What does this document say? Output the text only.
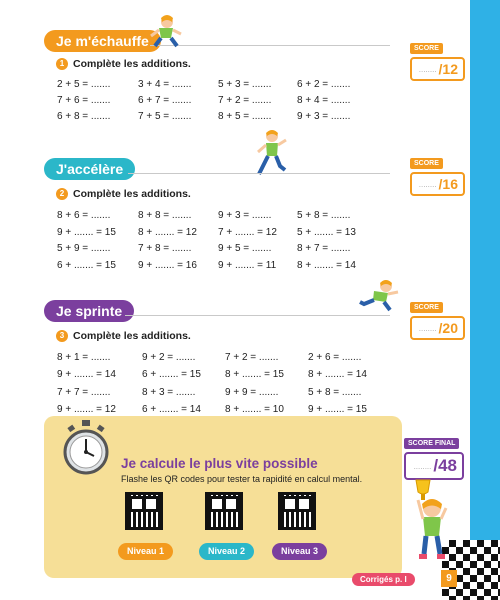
Je m'échauffe
1 Complète les additions.
2 + 5 = .......	3 + 4 = .......	5 + 3 = .......	6 + 2 = .......
7 + 6 = .......	6 + 7 = .......	7 + 2 = .......	8 + 4 = .......
6 + 8 = .......	7 + 5 = .......	8 + 5 = .......	9 + 3 = .......
SCORE
........ /12
J'accélère
2 Complète les additions.
8 + 6 = .......	8 + 8 = .......	9 + 3 = .......	5 + 8 = .......
9 + ....... = 15 8 + ....... = 12 7 + ....... = 12 5 + ....... = 13
5 + 9 = .......	7 + 8 = .......	9 + 5 = .......	8 + 7 = .......
6 + ....... = 15 9 + ....... = 16 9 + ....... = 11 8 + ....... = 14
SCORE
........ /16
Je sprinte
3 Complète les additions.
8 + 1 = .......	9 + 2 = .......	7 + 2 = .......	2 + 6 = .......
9 + ....... = 14	6 + ....... = 15 8 + ....... = 15 8 + ....... = 14
7 + 7 = .......	8 + 3 = .......	9 + 9 = .......	5 + 8 = .......
9 + ....... = 12	6 + ....... = 14 8 + ....... = 10 9 + ....... = 15
SCORE
........ /20
SCORE FINAL
........ /48
Je calcule le plus vite possible
Flashe les QR codes pour tester ta rapidité en calcul mental.
Niveau 1	Niveau 2	Niveau 3
Corrigés p. I	9
